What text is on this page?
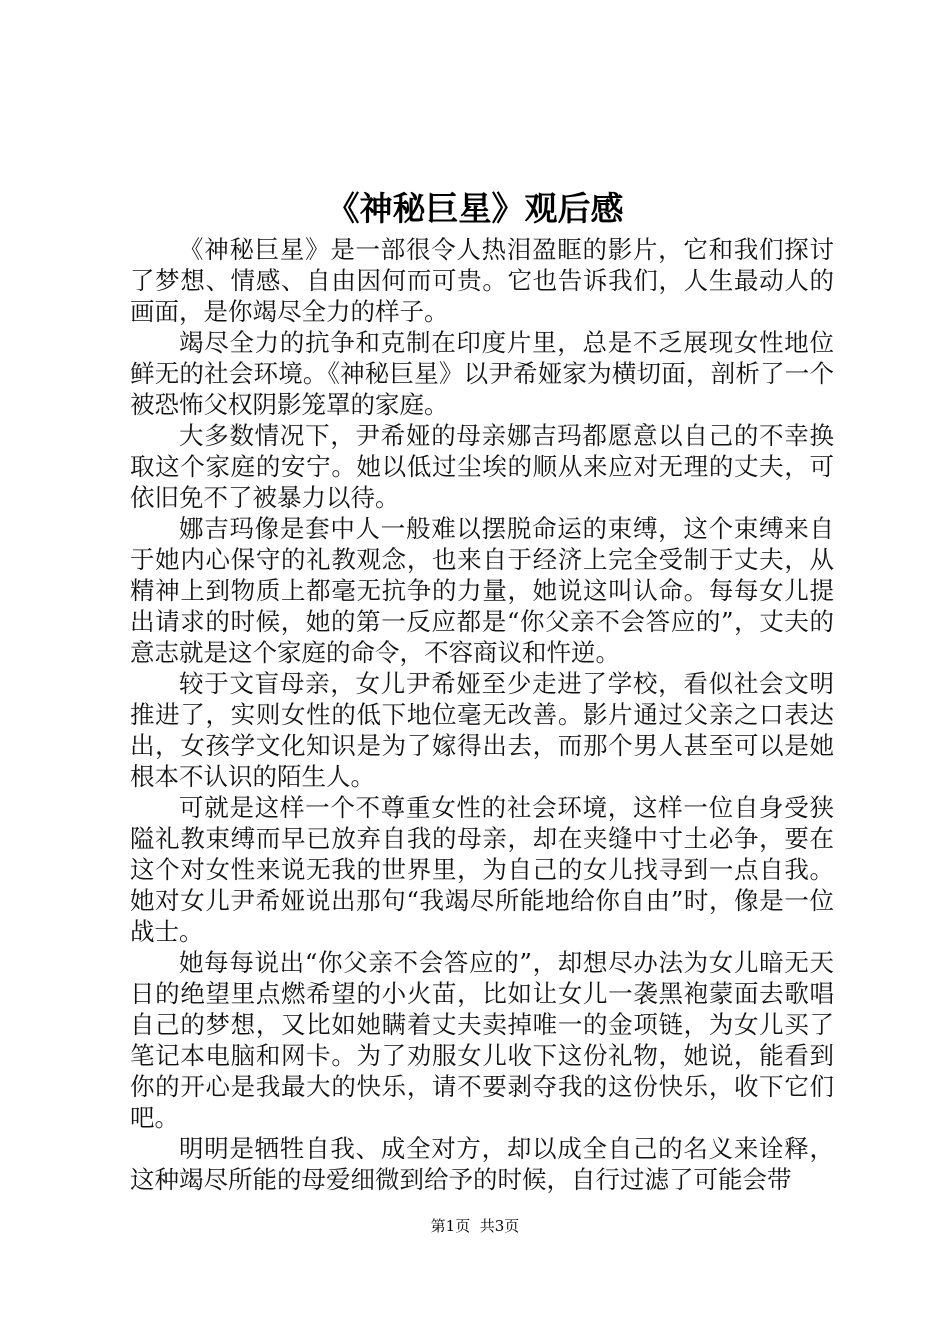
《神秘巨星》观后感

《神秘巨星》是一部很令人热泪盈眶的影片，它和我们探讨了梦想、情感、自由因何而可贵。它也告诉我们，人生最动人的画面，是你竭尽全力的样子。

竭尽全力的抗争和克制在印度片里，总是不乏展现女性地位鲜无的社会环境。《神秘巨星》以尹希娅家为横切面，剖析了一个被恐怖父权阴影笼罩的家庭。

大多数情况下，尹希娅的母亲娜吉玛都愿意以自己的不幸换取这个家庭的安宁。她以低过尘埃的顺从来应对无理的丈夫，可依旧免不了被暴力以待。

娜吉玛像是套中人一般难以摆脱命运的束缚，这个束缚来自于她内心保守的礼教观念，也来自于经济上完全受制于丈夫，从精神上到物质上都毫无抗争的力量，她说这叫认命。每每女儿提出请求的时候，她的第一反应都是“你父亲不会答应的”，丈夫的意志就是这个家庭的命令，不容商议和忤逆。

较于文盲母亲，女儿尹希娅至少走进了学校，看似社会文明推进了，实则女性的低下地位毫无改善。影片通过父亲之口表达出，女孩学文化知识是为了嫁得出去，而那个男人甚至可以是她根本不认识的陌生人。

可就是这样一个不尊重女性的社会环境，这样一位自身受狭隘礼教束缚而早已放弃自我的母亲，却在夹缝中寸土必争，要在这个对女性来说无我的世界里，为自己的女儿找寻到一点自我。她对女儿尹希娅说出那句“我竭尽所能地给你自由”时，像是一位战士。

她每每说出“你父亲不会答应的”，却想尽办法为女儿暗无天日的绝望里点燃希望的小火苗，比如让女儿一袭黑袍蒙面去歌唱自己的梦想，又比如她瞒着丈夫卖掉唯一的金项链，为女儿买了笔记本电脑和网卡。为了劝服女儿收下这份礼物，她说，能看到你的开心是我最大的快乐，请不要剥夺我的这份快乐，收下它们吧。

明明是牺牲自我、成全对方，却以成全自己的名义来诠释，这种竭尽所能的母爱细微到给予的时候，自行过滤了可能会带

第1页 共3页
